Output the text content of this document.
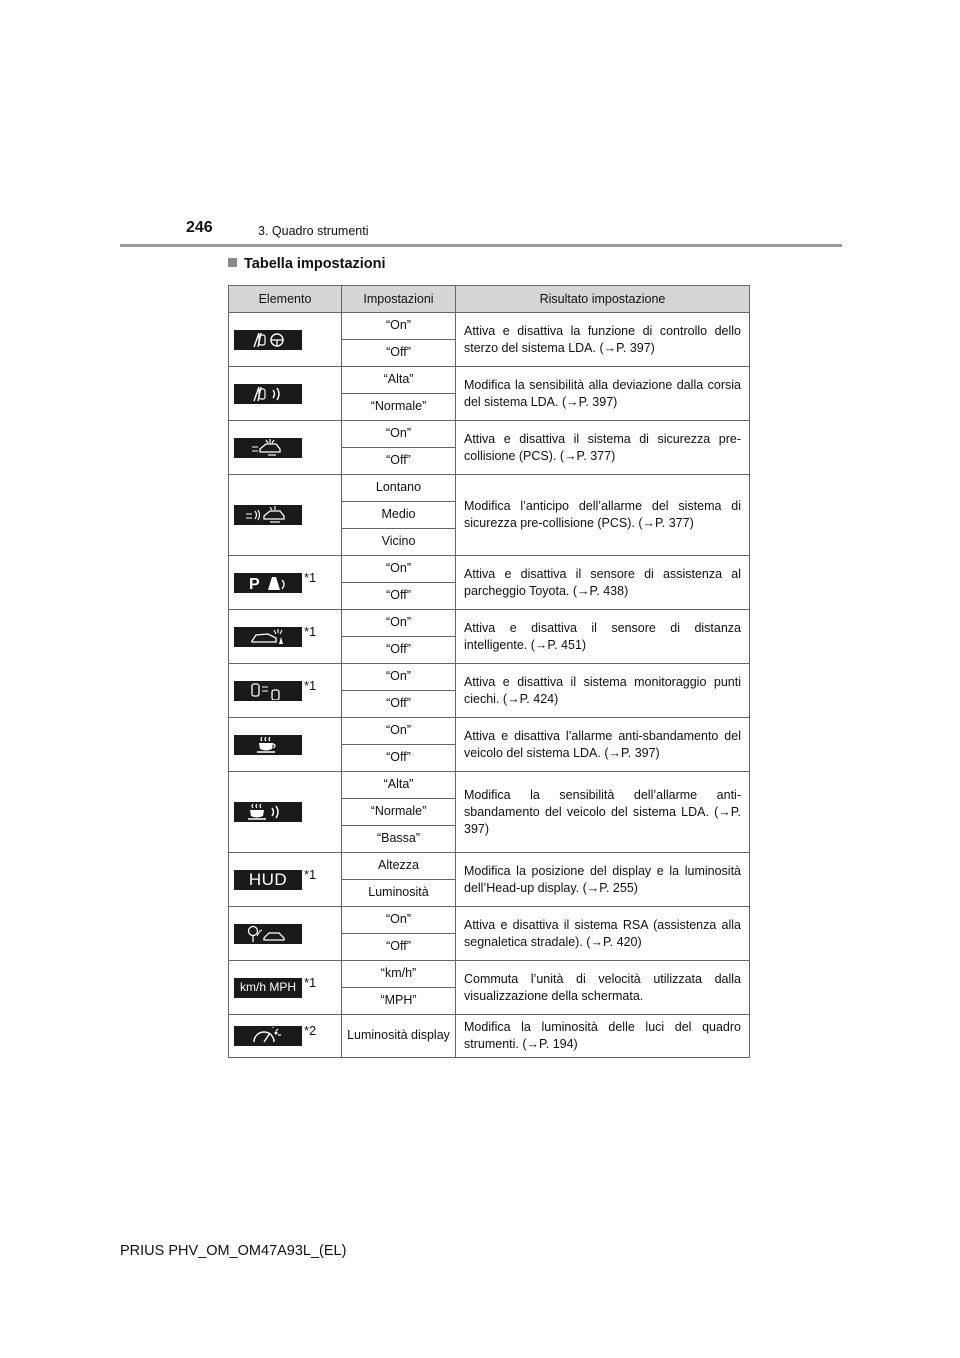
246	3. Quadro strumenti
Tabella impostazioni
Elemento	Impostazioni	Risultato impostazione

	“On”	Attiva e disattiva la funzione di controllo dello sterzo del sistema LDA. (→P. 397)
	“Off”	

	“Alta”	Modifica la sensibilità alla deviazione dalla corsia del sistema LDA. (→P. 397)
	“Normale”	

	“On”	Attiva e disattiva il sistema di sicurezza pre-collisione (PCS). (→P. 377)
	“Off”	

	Lontano	Modifica l’anticipo dell’allarme del sistema di sicurezza pre-collisione (PCS). (→P. 377)
	Medio	
	Vicino	

P *1	“On”	Attiva e disattiva il sensore di assistenza al parcheggio Toyota. (→P. 438)
	“Off”	

*1	“On”	Attiva e disattiva il sensore di distanza intelligente. (→P. 451)
	“Off”	

*1	“On”	Attiva e disattiva il sistema monitoraggio punti ciechi. (→P. 424)
	“Off”	

	“On”	Attiva e disattiva l’allarme anti-sbandamento del veicolo del sistema LDA. (→P. 397)
	“Off”	

	“Alta”	Modifica la sensibilità dell’allarme anti-sbandamento del veicolo del sistema LDA. (→P. 397)
	“Normale”	
	“Bassa”	

HUD *1	Altezza	Modifica la posizione del display e la luminosità dell’Head-up display. (→P. 255)
	Luminosità	

	“On”	Attiva e disattiva il sistema RSA (assistenza alla segnaletica stradale). (→P. 420)
	“Off”	

km/h MPH *1	“km/h”	Commuta l’unità di velocità utilizzata dalla visualizzazione della schermata.
	“MPH”	

*2	Luminosità display	Modifica la luminosità delle luci del quadro strumenti. (→P. 194)
PRIUS PHV_OM_OM47A93L_(EL)
